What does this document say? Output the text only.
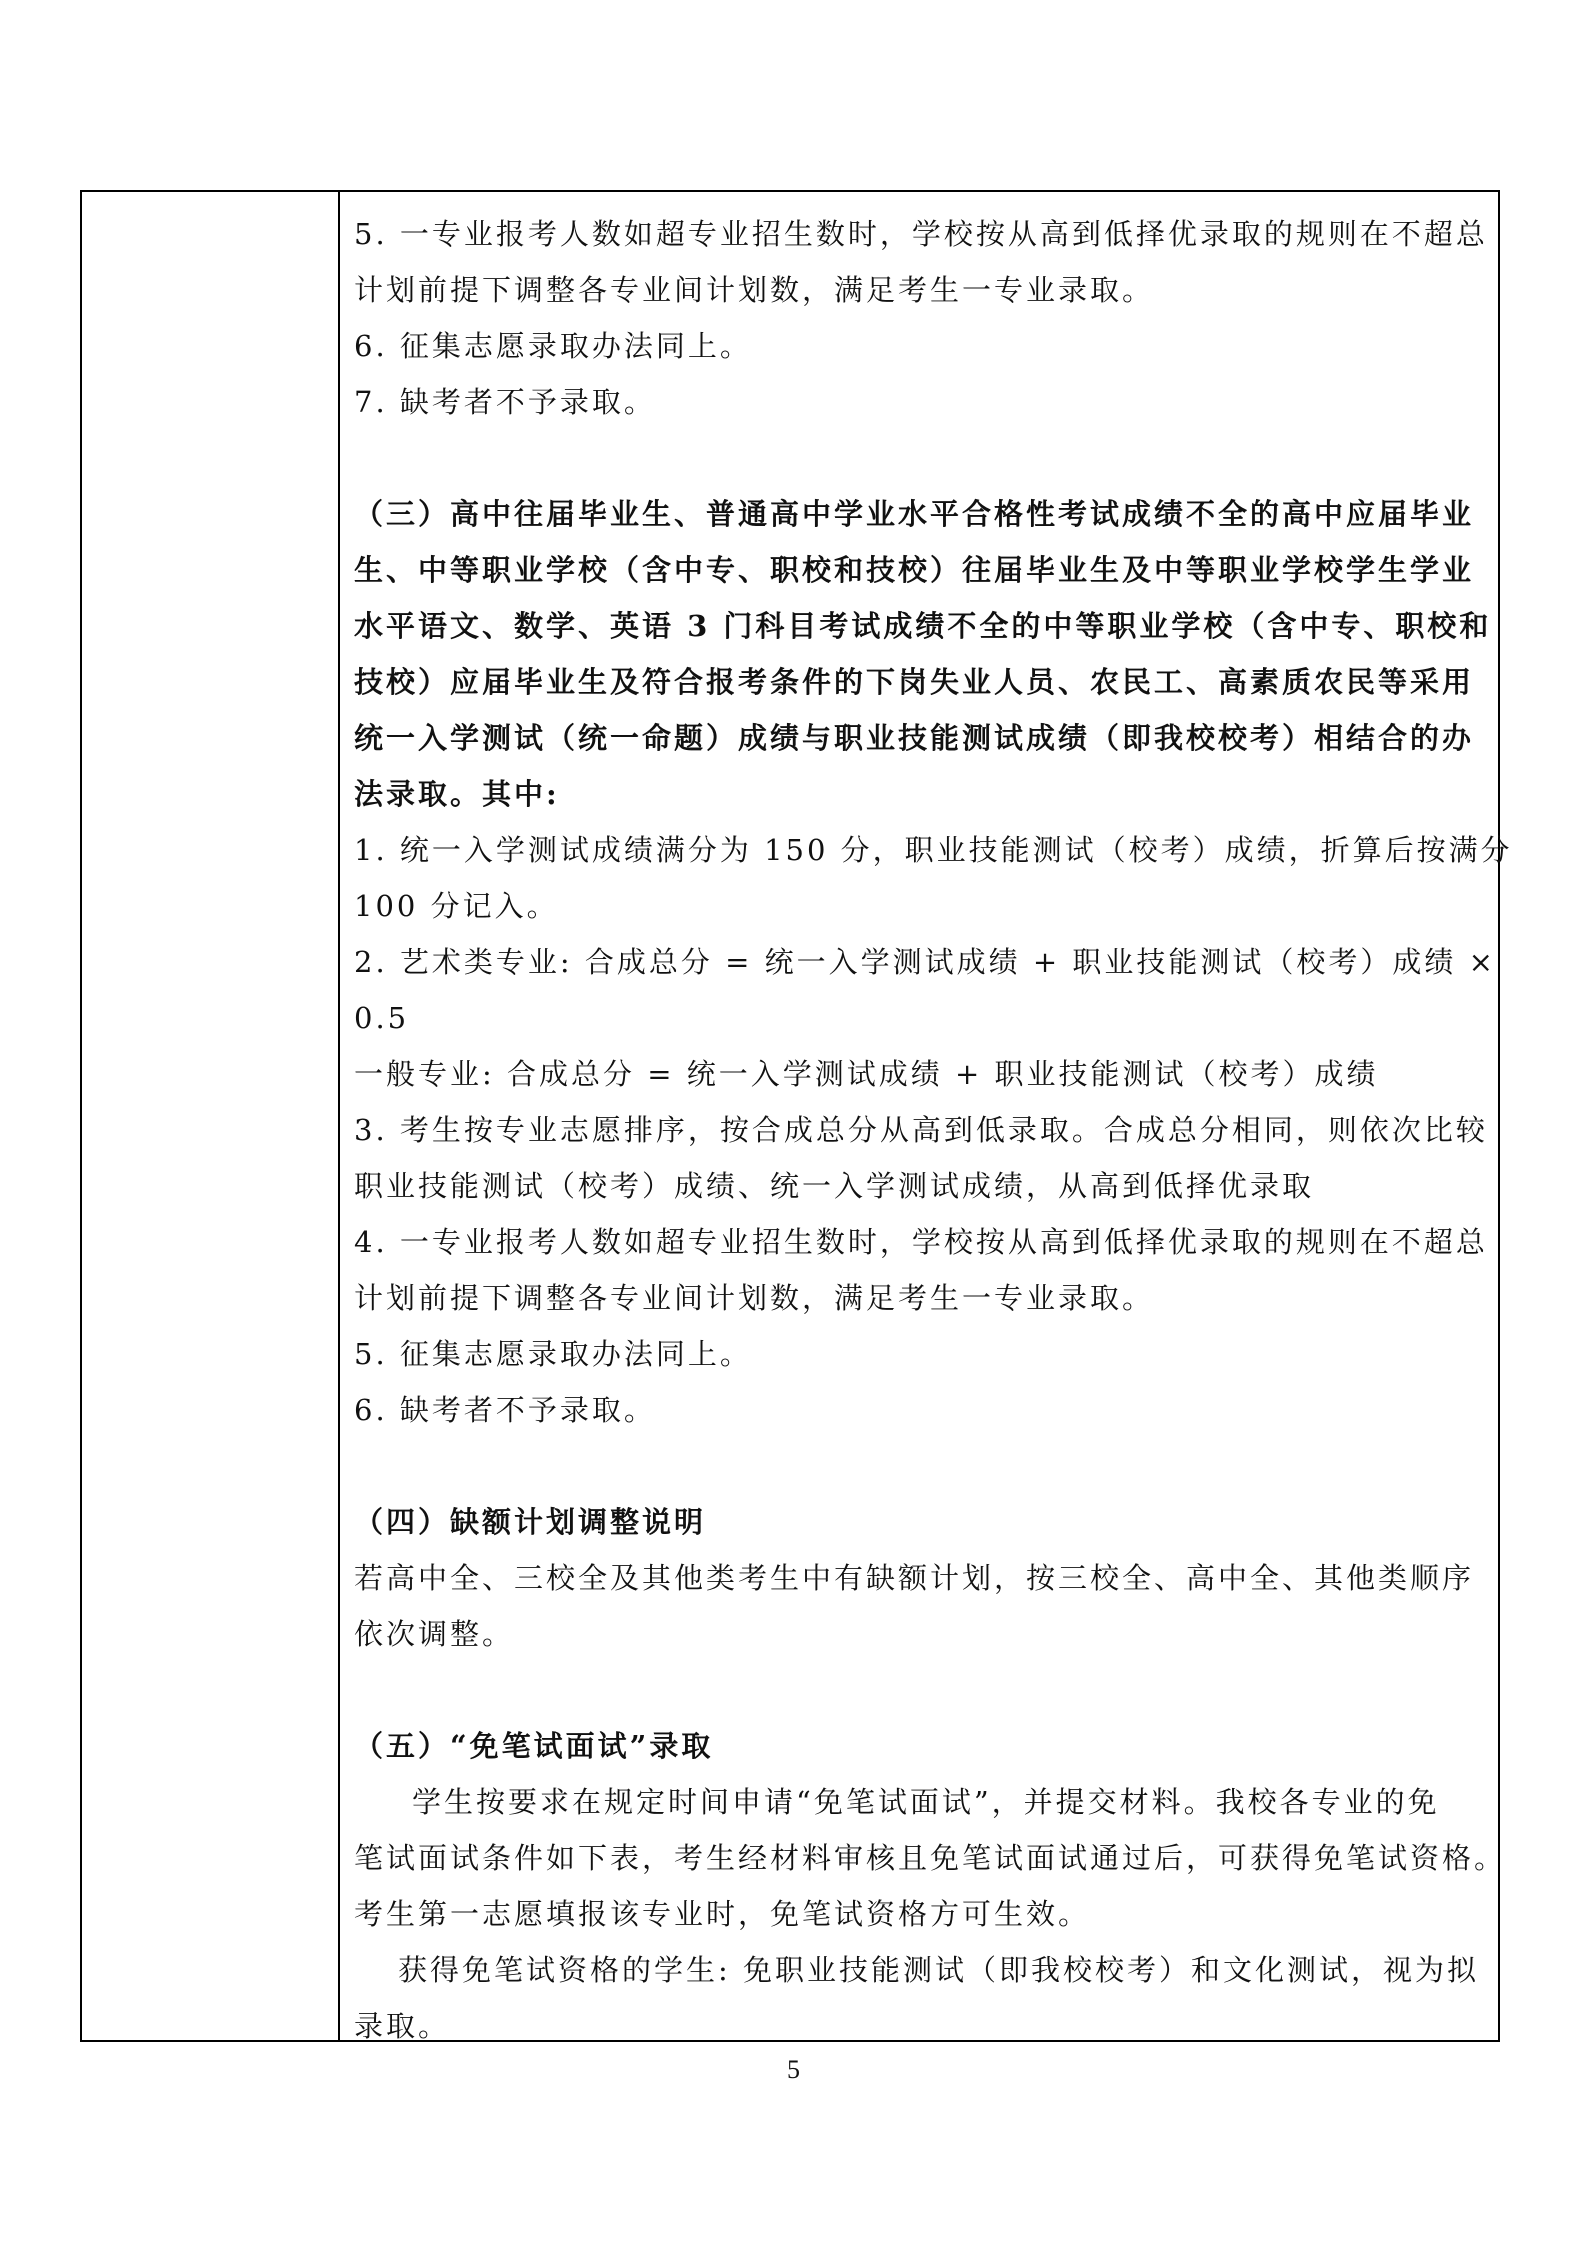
5. 一专业报考人数如超专业招生数时，学校按从高到低择优录取的规则在不超总
计划前提下调整各专业间计划数，满足考生一专业录取。
6. 征集志愿录取办法同上。
7. 缺考者不予录取。
（三）高中往届毕业生、普通高中学业水平合格性考试成绩不全的高中应届毕业
生、中等职业学校（含中专、职校和技校）往届毕业生及中等职业学校学生学业
水平语文、数学、英语 3 门科目考试成绩不全的中等职业学校（含中专、职校和
技校）应届毕业生及符合报考条件的下岗失业人员、农民工、高素质农民等采用
统一入学测试（统一命题）成绩与职业技能测试成绩（即我校校考）相结合的办
法录取。其中:
1. 统一入学测试成绩满分为 150 分，职业技能测试（校考）成绩，折算后按满分
100 分记入。
2. 艺术类专业: 合成总分 = 统一入学测试成绩 + 职业技能测试（校考）成绩 ×
0.5
一般专业: 合成总分 = 统一入学测试成绩 + 职业技能测试（校考）成绩
3. 考生按专业志愿排序，按合成总分从高到低录取。合成总分相同，则依次比较
职业技能测试（校考）成绩、统一入学测试成绩，从高到低择优录取
4. 一专业报考人数如超专业招生数时，学校按从高到低择优录取的规则在不超总
计划前提下调整各专业间计划数，满足考生一专业录取。
5. 征集志愿录取办法同上。
6. 缺考者不予录取。
（四）缺额计划调整说明
若高中全、三校全及其他类考生中有缺额计划，按三校全、高中全、其他类顺序
依次调整。
（五）“免笔试面试”录取
学生按要求在规定时间申请“免笔试面试”，并提交材料。我校各专业的免
笔试面试条件如下表，考生经材料审核且免笔试面试通过后，可获得免笔试资格。
考生第一志愿填报该专业时，免笔试资格方可生效。
获得免笔试资格的学生: 免职业技能测试（即我校校考）和文化测试，视为拟
录取。
5
